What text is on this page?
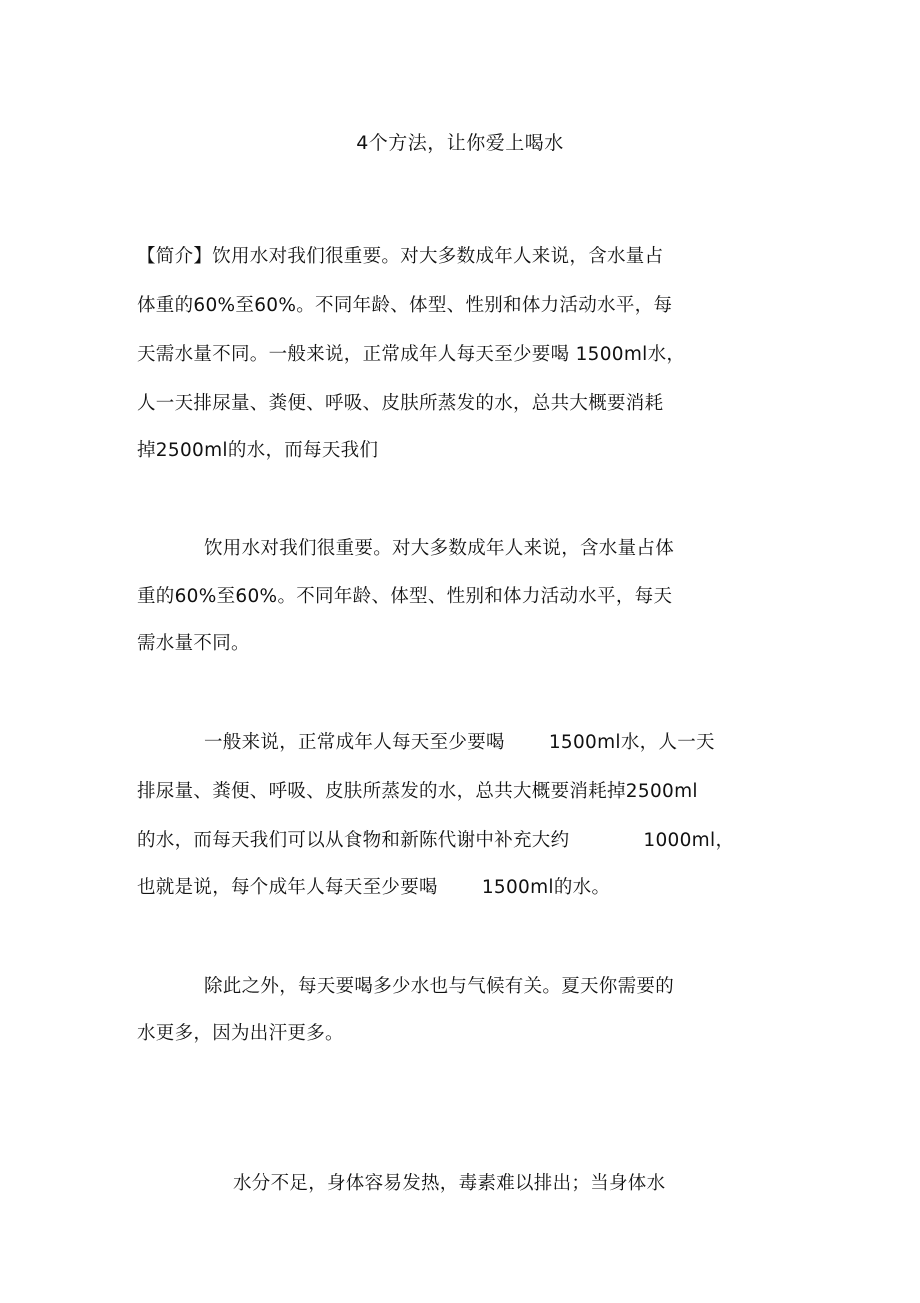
4个方法，让你爱上喝水
【简介】饮用水对我们很重要。对大多数成年人来说，含水量占
体重的60%至60%。不同年龄、体型、性别和体力活动水平，每
天需水量不同。一般来说，正常成年人每天至少要喝 1500ml水，
人一天排尿量、粪便、呼吸、皮肤所蒸发的水，总共大概要消耗
掉2500ml的水，而每天我们
饮用水对我们很重要。对大多数成年人来说，含水量占体
重的60%至60%。不同年龄、体型、性别和体力活动水平，每天
需水量不同。
一般来说，正常成年人每天至少要喝 1500ml水，人一天
排尿量、粪便、呼吸、皮肤所蒸发的水，总共大概要消耗掉2500ml
的水，而每天我们可以从食物和新陈代谢中补充大约	1000ml，
也就是说，每个成年人每天至少要喝 1500ml的水。
除此之外，每天要喝多少水也与气候有关。夏天你需要的
水更多，因为出汗更多。
水分不足，身体容易发热，毒素难以排出；当身体水
